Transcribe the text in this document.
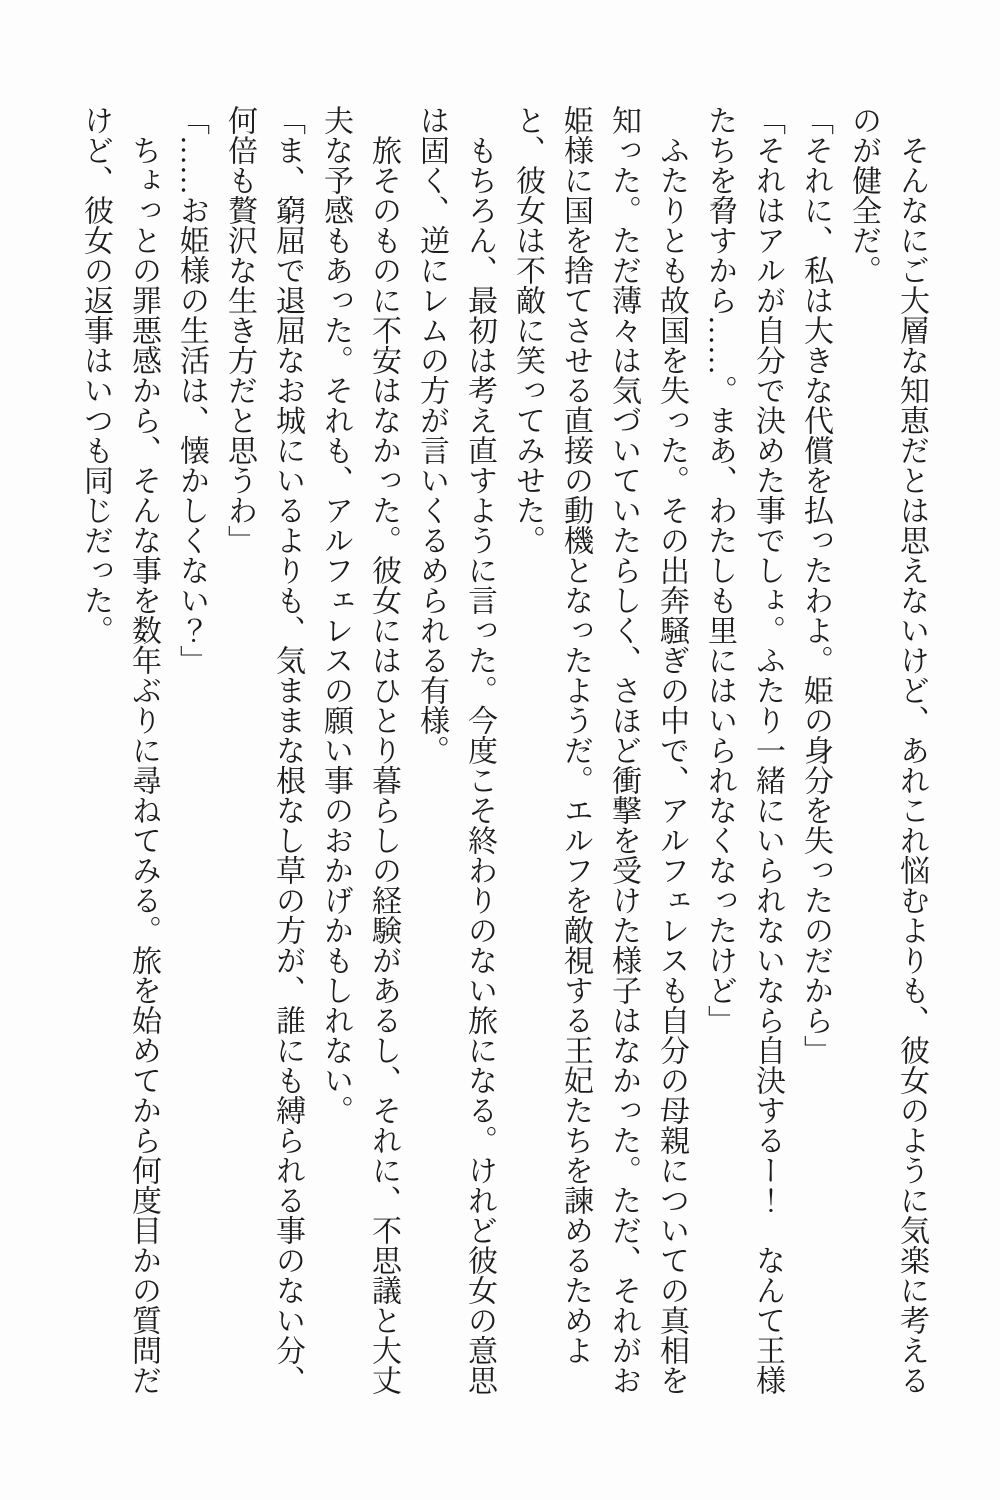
そんなにご大層な知恵だとは思えないけど、あれこれ悩むよりも、彼女のように気楽に考えるのが健全だ。

「それに、私は大きな代償を払ったわよ。姫の身分を失ったのだから」

「それはアルが自分で決めた事でしょ。ふたり一緒にいられないなら自決するー！　なんて王様たちを脅すから……。まあ、わたしも里にはいられなくなったけど」

ふたりとも故国を失った。その出奔騒ぎの中で、アルフェレスも自分の母親についての真相を知った。ただ薄々は気づいていたらしく、さほど衝撃を受けた様子はなかった。ただ、それがお姫様に国を捨てさせる直接の動機となったようだ。エルフを敵視する王妃たちを諫めるためよと、彼女は不敵に笑ってみせた。

もちろん、最初は考え直すように言った。今度こそ終わりのない旅になる。けれど彼女の意思は固く、逆にレムの方が言いくるめられる有様。

旅そのものに不安はなかった。彼女にはひとり暮らしの経験があるし、それに、不思議と大丈夫な予感もあった。それも、アルフェレスの願い事のおかげかもしれない。

「ま、窮屈で退屈なお城にいるよりも、気ままな根なし草の方が、誰にも縛られる事のない分、何倍も贅沢な生き方だと思うわ」

「……お姫様の生活は、懐かしくない？」

ちょっとの罪悪感から、そんな事を数年ぶりに尋ねてみる。旅を始めてから何度目かの質問だけど、彼女の返事はいつも同じだった。
